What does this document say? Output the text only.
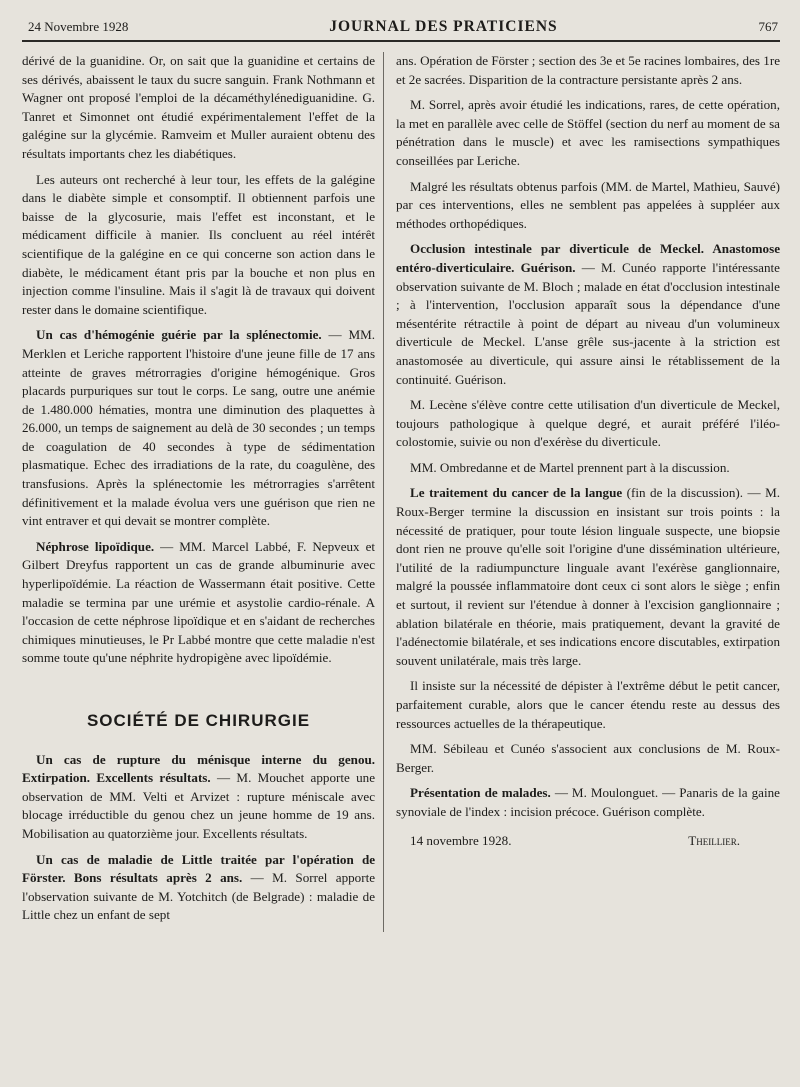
24 Novembre 1928	JOURNAL DES PRATICIENS	767

dérivé de la guanidine. Or, on sait que la guanidine et certains de ses dérivés, abaissent le taux du sucre sanguin. Frank Nothmann et Wagner ont proposé l'emploi de la décaméthylénediguanidine. G. Tanret et Simonnet ont étudié expérimentalement l'effet de la galégine sur la glycémie. Ramveim et Muller auraient obtenu des résultats importants chez les diabétiques.

Les auteurs ont recherché à leur tour, les effets de la galégine dans le diabète simple et consomptif. Il obtiennent parfois une baisse de la glycosurie, mais l'effet est inconstant, et le médicament difficile à manier. Ils concluent au réel intérêt scientifique de la galégine en ce qui concerne son action dans le diabète, le médicament étant pris par la bouche et non plus en injection comme l'insuline. Mais il s'agit là de travaux qui doivent rester dans le domaine scientifique.

Un cas d'hémogénie guérie par la splénectomie. — MM. Merklen et Leriche rapportent l'histoire d'une jeune fille de 17 ans atteinte de graves métrorragies d'origine hémogénique. Gros placards purpuriques sur tout le corps. Le sang, outre une anémie de 1.480.000 hématies, montra une diminution des plaquettes à 26.000, un temps de saignement au delà de 30 secondes ; un temps de coagulation de 40 secondes à type de sédimentation plasmatique. Echec des irradiations de la rate, du coagulène, des transfusions. Après la splénectomie les métrorragies s'arrêtent définitivement et la malade évolua vers une guérison que rien ne vint entraver et qui devait se montrer complète.

Néphrose lipoïdique. — MM. Marcel Labbé, F. Nepveux et Gilbert Dreyfus rapportent un cas de grande albuminurie avec hyperlipoïdémie. La réaction de Wassermann était positive. Cette maladie se termina par une urémie et asystolie cardio-rénale. A l'occasion de cette néphrose lipoïdique et en s'aidant de recherches chimiques minutieuses, le Pr Labbé montre que cette maladie n'est somme toute qu'une néphrite hydropigène avec lipoïdémie.

SOCIÉTÉ DE CHIRURGIE

Un cas de rupture du ménisque interne du genou. Extirpation. Excellents résultats. — M. Mouchet apporte une observation de MM. Velti et Arvizet : rupture méniscale avec blocage irréductible du genou chez un jeune homme de 19 ans. Mobilisation au quatorzième jour. Excellents résultats.

Un cas de maladie de Little traitée par l'opération de Förster. Bons résultats après 2 ans. — M. Sorrel apporte l'observation suivante de M. Yotchitch (de Belgrade) : maladie de Little chez un enfant de sept

ans. Opération de Förster ; section des 3e et 5e racines lombaires, des 1re et 2e sacrées. Disparition de la contracture persistante après 2 ans.

M. Sorrel, après avoir étudié les indications, rares, de cette opération, la met en parallèle avec celle de Stöffel (section du nerf au moment de sa pénétration dans le muscle) et avec les ramisections sympathiques conseillées par Leriche.

Malgré les résultats obtenus parfois (MM. de Martel, Mathieu, Sauvé) par ces interventions, elles ne semblent pas appelées à suppléer aux méthodes orthopédiques.

Occlusion intestinale par diverticule de Meckel. Anastomose entéro-diverticulaire. Guérison. — M. Cunéo rapporte l'intéressante observation suivante de M. Bloch ; malade en état d'occlusion intestinale ; à l'intervention, l'occlusion apparaît sous la dépendance d'une mésentérite rétractile à point de départ au niveau d'un volumineux diverticule de Meckel. L'anse grêle sus-jacente à la striction est anastomosée au diverticule, qui assure ainsi le rétablissement de la continuité. Guérison.

M. Lecène s'élève contre cette utilisation d'un diverticule de Meckel, toujours pathologique à quelque degré, et aurait préféré l'iléo-colostomie, suivie ou non d'exérèse du diverticule.

MM. Ombredanne et de Martel prennent part à la discussion.

Le traitement du cancer de la langue (fin de la discussion). — M. Roux-Berger termine la discussion en insistant sur trois points : la nécessité de pratiquer, pour toute lésion linguale suspecte, une biopsie dont rien ne prouve qu'elle soit l'origine d'une dissémination ultérieure, l'utilité de la radiumpuncture linguale avant l'exérèse ganglionnaire, malgré la poussée inflammatoire dont ceux ci sont alors le siège ; enfin et surtout, il revient sur l'étendue à donner à l'excision ganglionnaire ; ablation bilatérale en théorie, mais pratiquement, devant la gravité de l'adénectomie bilatérale, et ses indications encore discutables, extirpation souvent unilatérale, mais très large.

Il insiste sur la nécessité de dépister à l'extrême début le petit cancer, parfaitement curable, alors que le cancer étendu reste au dessus des ressources actuelles de la thérapeutique.

MM. Sébileau et Cunéo s'associent aux conclusions de M. Roux-Berger.

Présentation de malades. — M. Moulonguet. — Panaris de la gaine synoviale de l'index : incision précoce. Guérison complète.

14 novembre 1928.	Theillier.
